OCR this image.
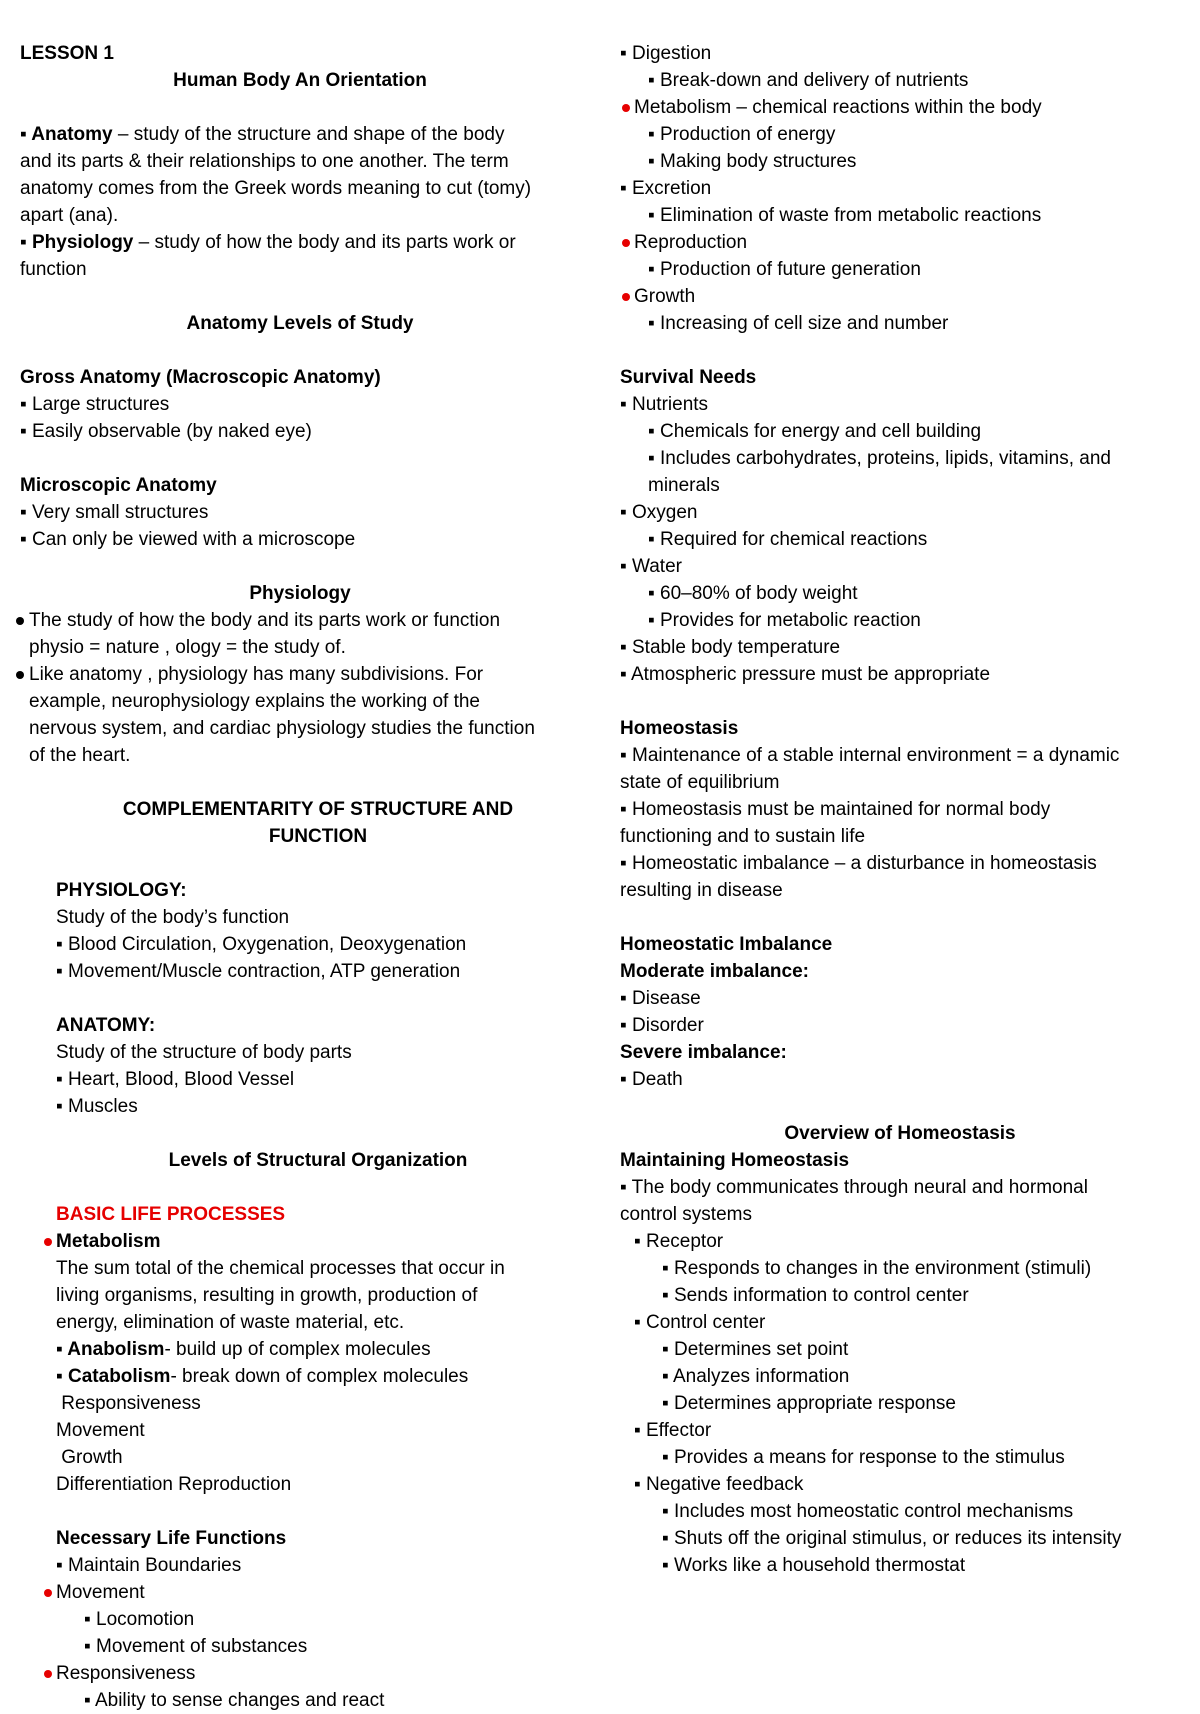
LESSON 1
Human Body An Orientation
▪ Anatomy – study of the structure and shape of the body
and its parts & their relationships to one another. The term
anatomy comes from the Greek words meaning to cut (tomy)
apart (ana).
▪ Physiology – study of how the body and its parts work or
function
Anatomy Levels of Study
Gross Anatomy (Macroscopic Anatomy)
▪ Large structures
▪ Easily observable (by naked eye)
Microscopic Anatomy
▪ Very small structures
▪ Can only be viewed with a microscope
Physiology
The study of how the body and its parts work or function
physio = nature , ology = the study of.
Like anatomy , physiology has many subdivisions. For
example, neurophysiology explains the working of the
nervous system, and cardiac physiology studies the function
of the heart.
COMPLEMENTARITY OF STRUCTURE AND
FUNCTION
PHYSIOLOGY:
Study of the body’s function
▪ Blood Circulation, Oxygenation, Deoxygenation
▪ Movement/Muscle contraction, ATP generation
ANATOMY:
Study of the structure of body parts
▪ Heart, Blood, Blood Vessel
▪ Muscles
Levels of Structural Organization
BASIC LIFE PROCESSES
Metabolism
The sum total of the chemical processes that occur in
living organisms, resulting in growth, production of
energy, elimination of waste material, etc.
▪ Anabolism- build up of complex molecules
▪ Catabolism- break down of complex molecules
Responsiveness
Movement
Growth
Differentiation Reproduction
Necessary Life Functions
▪ Maintain Boundaries
Movement
▪ Locomotion
▪ Movement of substances
Responsiveness
▪ Ability to sense changes and react
▪ Digestion
▪ Break-down and delivery of nutrients
Metabolism – chemical reactions within the body
▪ Production of energy
▪ Making body structures
▪ Excretion
▪ Elimination of waste from metabolic reactions
Reproduction
▪ Production of future generation
Growth
▪ Increasing of cell size and number
Survival Needs
▪ Nutrients
▪ Chemicals for energy and cell building
▪ Includes carbohydrates, proteins, lipids, vitamins, and
minerals
▪ Oxygen
▪ Required for chemical reactions
▪ Water
▪ 60–80% of body weight
▪ Provides for metabolic reaction
▪ Stable body temperature
▪ Atmospheric pressure must be appropriate
Homeostasis
▪ Maintenance of a stable internal environment = a dynamic
state of equilibrium
▪ Homeostasis must be maintained for normal body
functioning and to sustain life
▪ Homeostatic imbalance – a disturbance in homeostasis
resulting in disease
Homeostatic Imbalance
Moderate imbalance:
▪ Disease
▪ Disorder
Severe imbalance:
▪ Death
Overview of Homeostasis
Maintaining Homeostasis
▪ The body communicates through neural and hormonal
control systems
▪ Receptor
▪ Responds to changes in the environment (stimuli)
▪ Sends information to control center
▪ Control center
▪ Determines set point
▪ Analyzes information
▪ Determines appropriate response
▪ Effector
▪ Provides a means for response to the stimulus
▪ Negative feedback
▪ Includes most homeostatic control mechanisms
▪ Shuts off the original stimulus, or reduces its intensity
▪ Works like a household thermostat
